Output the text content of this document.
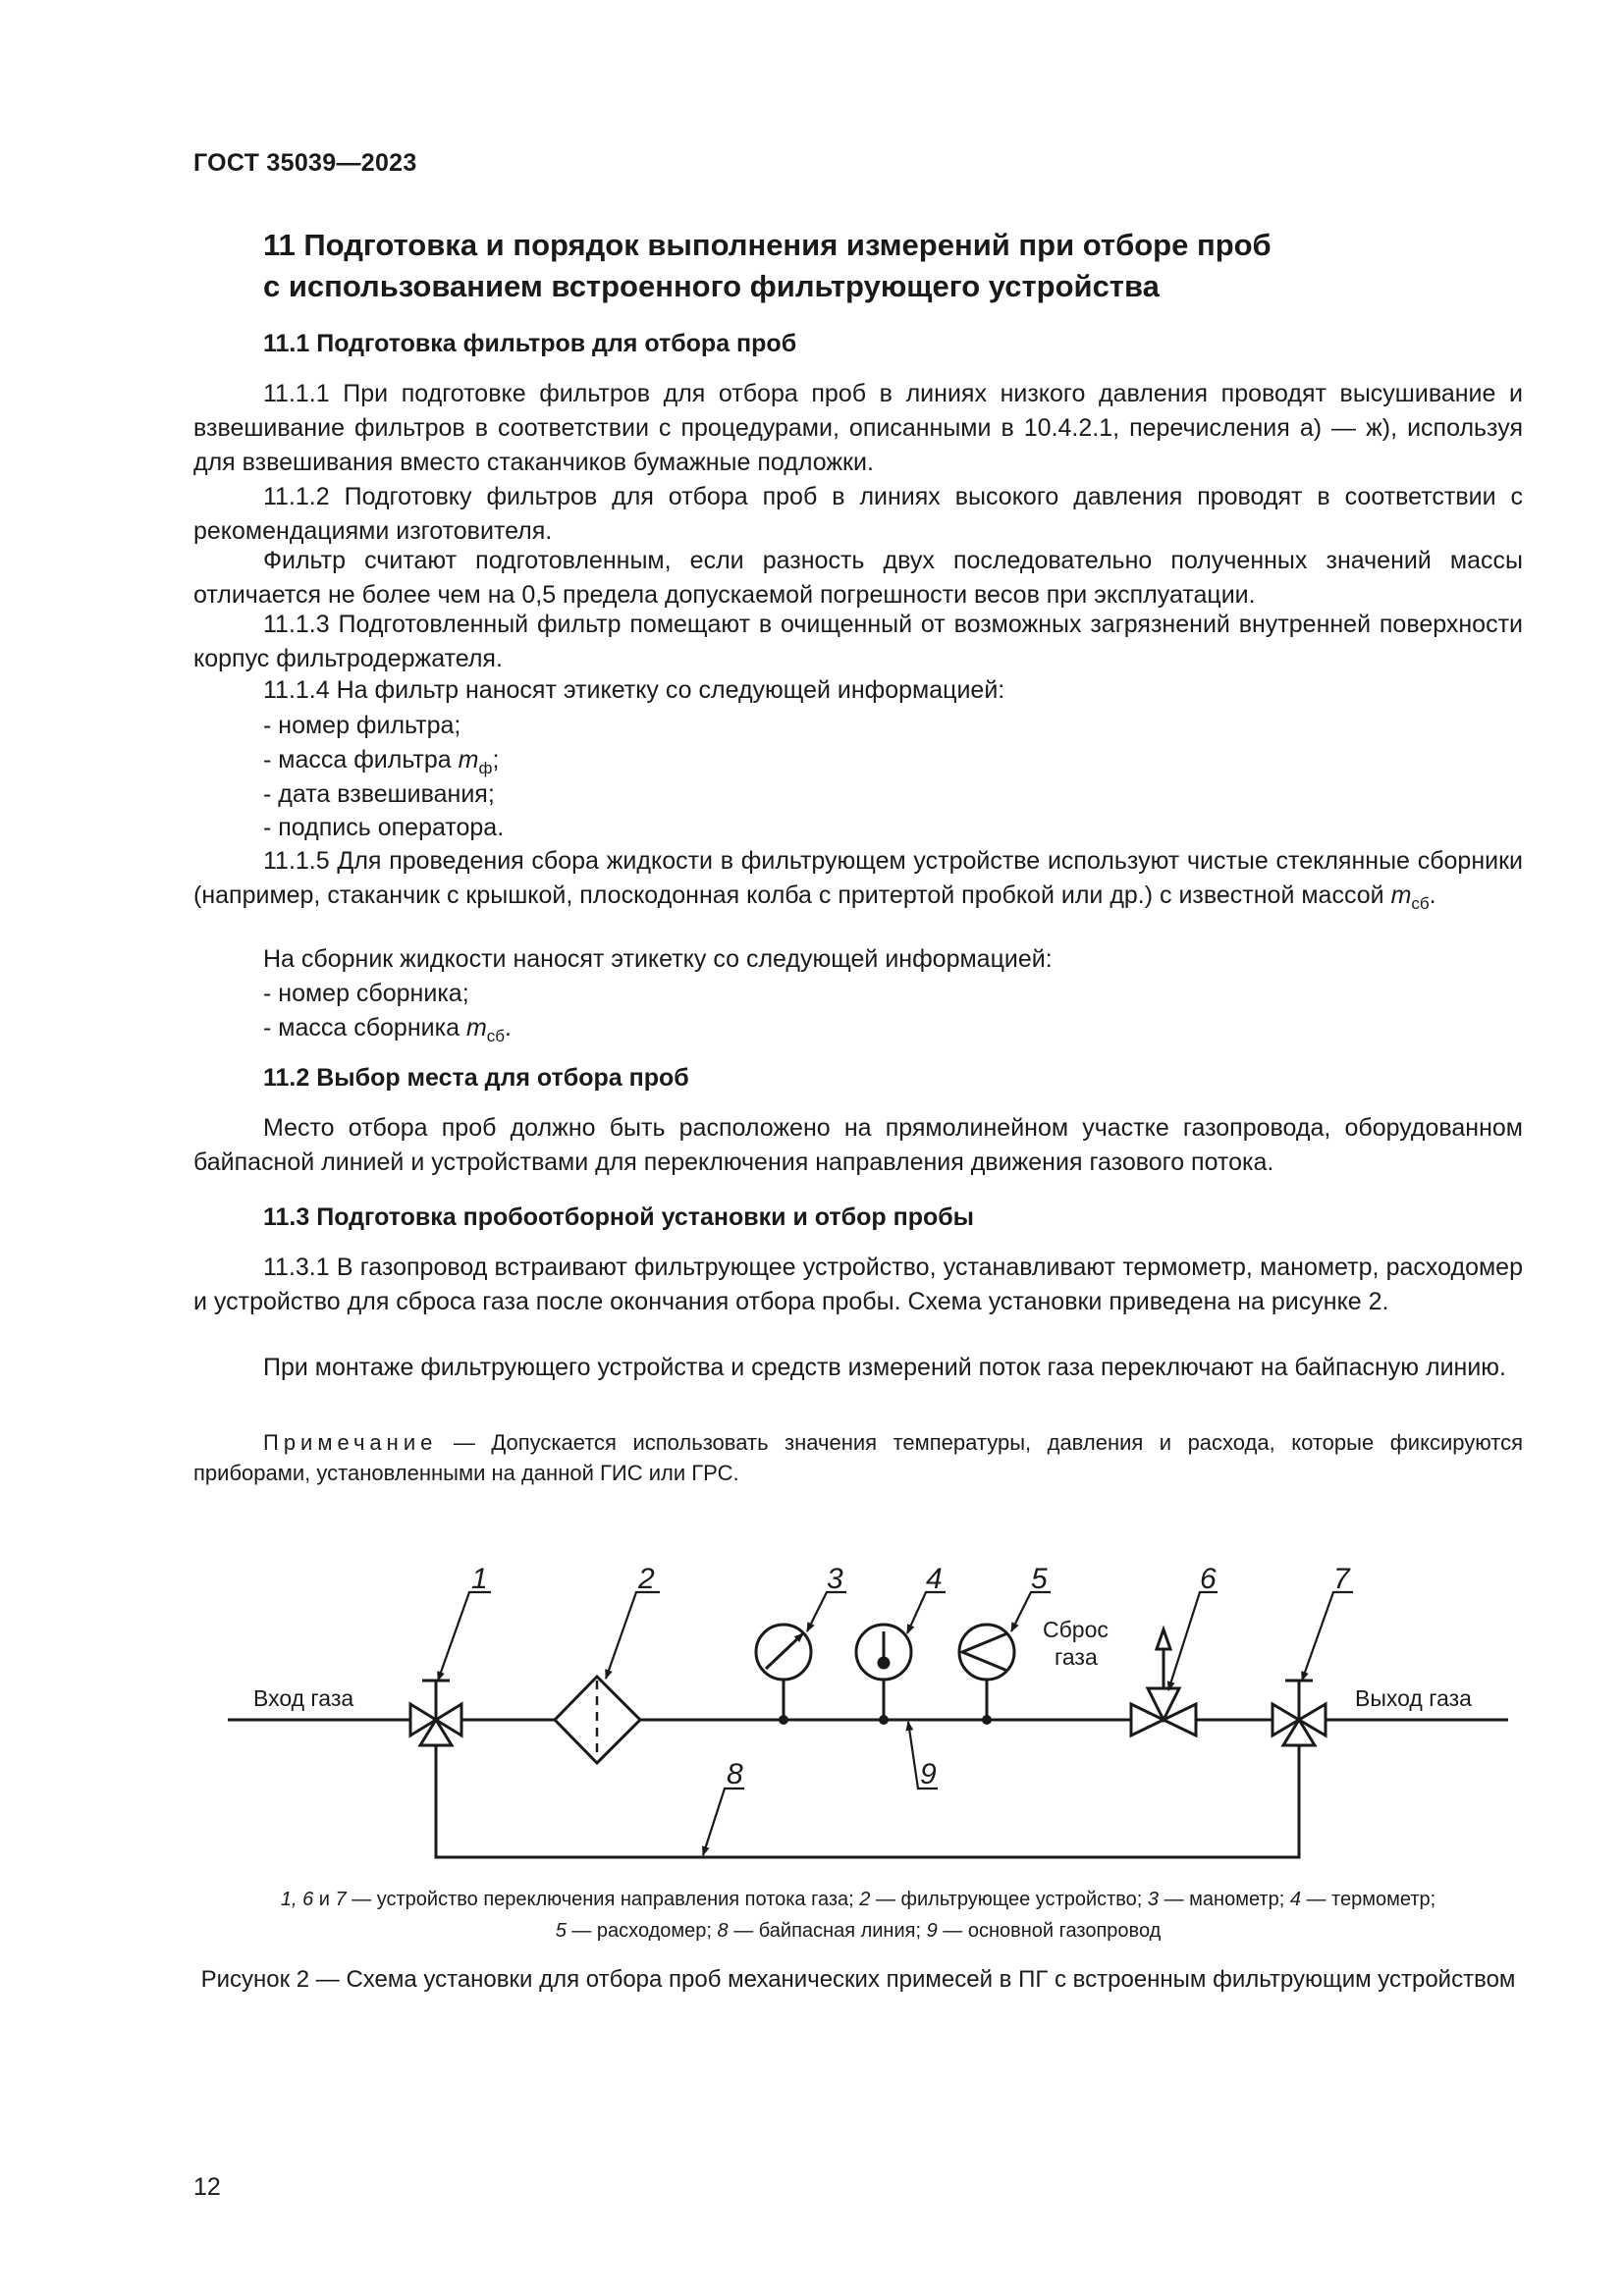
ГОСТ 35039—2023
11 Подготовка и порядок выполнения измерений при отборе проб
с использованием встроенного фильтрующего устройства
11.1 Подготовка фильтров для отбора проб
11.1.1 При подготовке фильтров для отбора проб в линиях низкого давления проводят высушивание и взвешивание фильтров в соответствии с процедурами, описанными в 10.4.2.1, перечисления а) — ж), используя для взвешивания вместо стаканчиков бумажные подложки.
11.1.2 Подготовку фильтров для отбора проб в линиях высокого давления проводят в соответствии с рекомендациями изготовителя.
Фильтр считают подготовленным, если разность двух последовательно полученных значений массы отличается не более чем на 0,5 предела допускаемой погрешности весов при эксплуатации.
11.1.3 Подготовленный фильтр помещают в очищенный от возможных загрязнений внутренней поверхности корпус фильтродержателя.
11.1.4 На фильтр наносят этикетку со следующей информацией:
- номер фильтра;
- масса фильтра $m_ф$;
- дата взвешивания;
- подпись оператора.
11.1.5 Для проведения сбора жидкости в фильтрующем устройстве используют чистые стеклянные сборники (например, стаканчик с крышкой, плоскодонная колба с притертой пробкой или др.) с известной массой $m_{сб}$.
На сборник жидкости наносят этикетку со следующей информацией:
- номер сборника;
- масса сборника $m_{сб}$.
11.2 Выбор места для отбора проб
Место отбора проб должно быть расположено на прямолинейном участке газопровода, оборудованном байпасной линией и устройствами для переключения направления движения газового потока.
11.3 Подготовка пробоотборной установки и отбор пробы
11.3.1 В газопровод встраивают фильтрующее устройство, устанавливают термометр, манометр, расходомер и устройство для сброса газа после окончания отбора пробы. Схема установки приведена на рисунке 2.
При монтаже фильтрующего устройства и средств измерений поток газа переключают на байпасную линию.
Примечание — Допускается использовать значения температуры, давления и расхода, которые фиксируются приборами, установленными на данной ГИС или ГРС.
1	2	3	4	5	6	7
8	9
Вход газа	Выход газа
Сброс
газа
1, 6 и 7 — устройство переключения направления потока газа; 2 — фильтрующее устройство; 3 — манометр; 4 — термометр;
5 — расходомер; 8 — байпасная линия; 9 — основной газопровод
Рисунок 2 — Схема установки для отбора проб механических примесей в ПГ с встроенным фильтрующим устройством
12
